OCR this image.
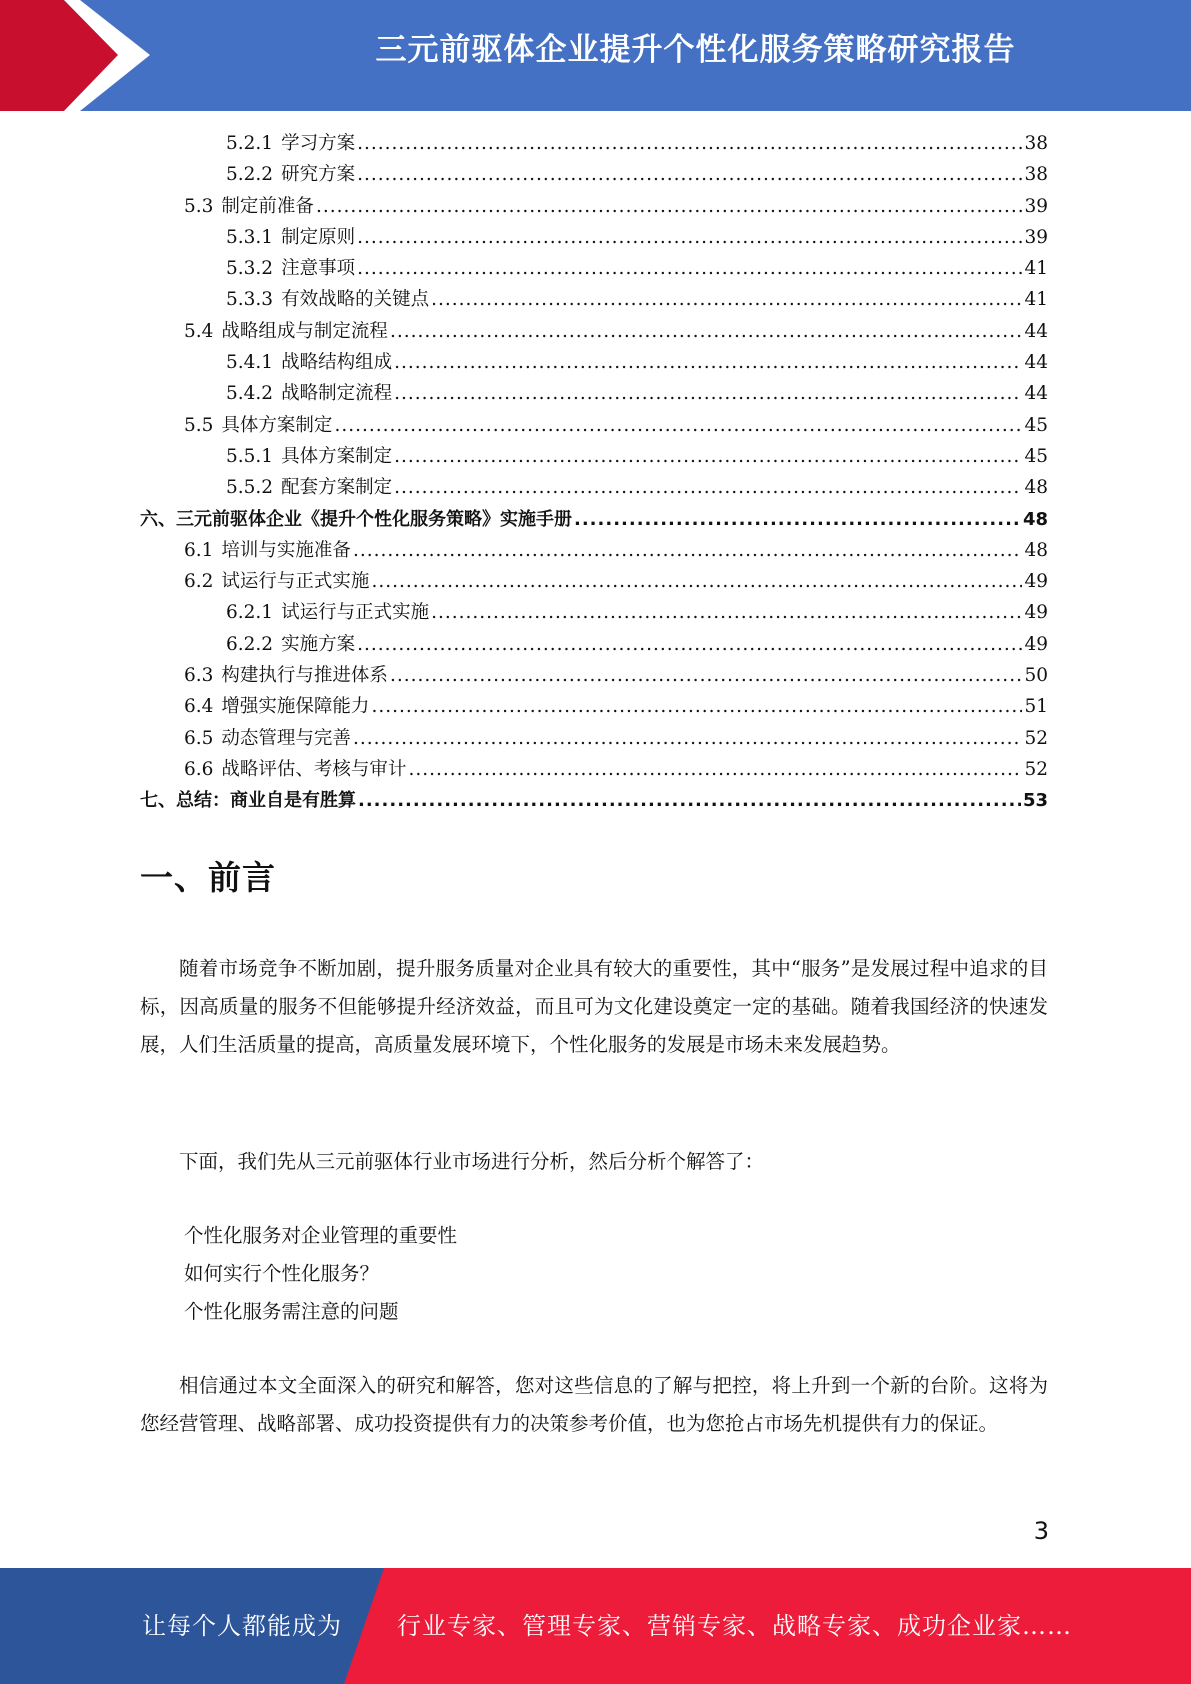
三元前驱体企业提升个性化服务策略研究报告
5.2.1 学习方案 .....	38
5.2.2 研究方案 .....	38
5.3 制定前准备 .....	39
5.3.1 制定原则 .....	39
5.3.2 注意事项 .....	41
5.3.3 有效战略的关键点 .....	41
5.4 战略组成与制定流程 .....	44
5.4.1 战略结构组成 .....	44
5.4.2 战略制定流程 .....	44
5.5 具体方案制定 .....	45
5.5.1 具体方案制定 .....	45
5.5.2 配套方案制定 .....	48
六、三元前驱体企业《提升个性化服务策略》实施手册 .....	48
6.1 培训与实施准备 .....	48
6.2 试运行与正式实施 .....	49
6.2.1 试运行与正式实施 .....	49
6.2.2 实施方案 .....	49
6.3 构建执行与推进体系 .....	50
6.4 增强实施保障能力 .....	51
6.5 动态管理与完善 .....	52
6.6 战略评估、考核与审计 .....	52
七、总结：商业自是有胜算 .....	53
一、前言

随着市场竞争不断加剧，提升服务质量对企业具有较大的重要性，其中“服务”是发展过程中追求的目标，因高质量的服务不但能够提升经济效益，而且可为文化建设奠定一定的基础。随着我国经济的快速发展，人们生活质量的提高，高质量发展环境下，个性化服务的发展是市场未来发展趋势。

下面，我们先从三元前驱体行业市场进行分析，然后分析个解答了：

个性化服务对企业管理的重要性
如何实行个性化服务？
个性化服务需注意的问题

相信通过本文全面深入的研究和解答，您对这些信息的了解与把控，将上升到一个新的台阶。这将为您经营管理、战略部署、成功投资提供有力的决策参考价值，也为您抢占市场先机提供有力的保证。

3
让每个人都能成为 行业专家、管理专家、营销专家、战略专家、成功企业家……
